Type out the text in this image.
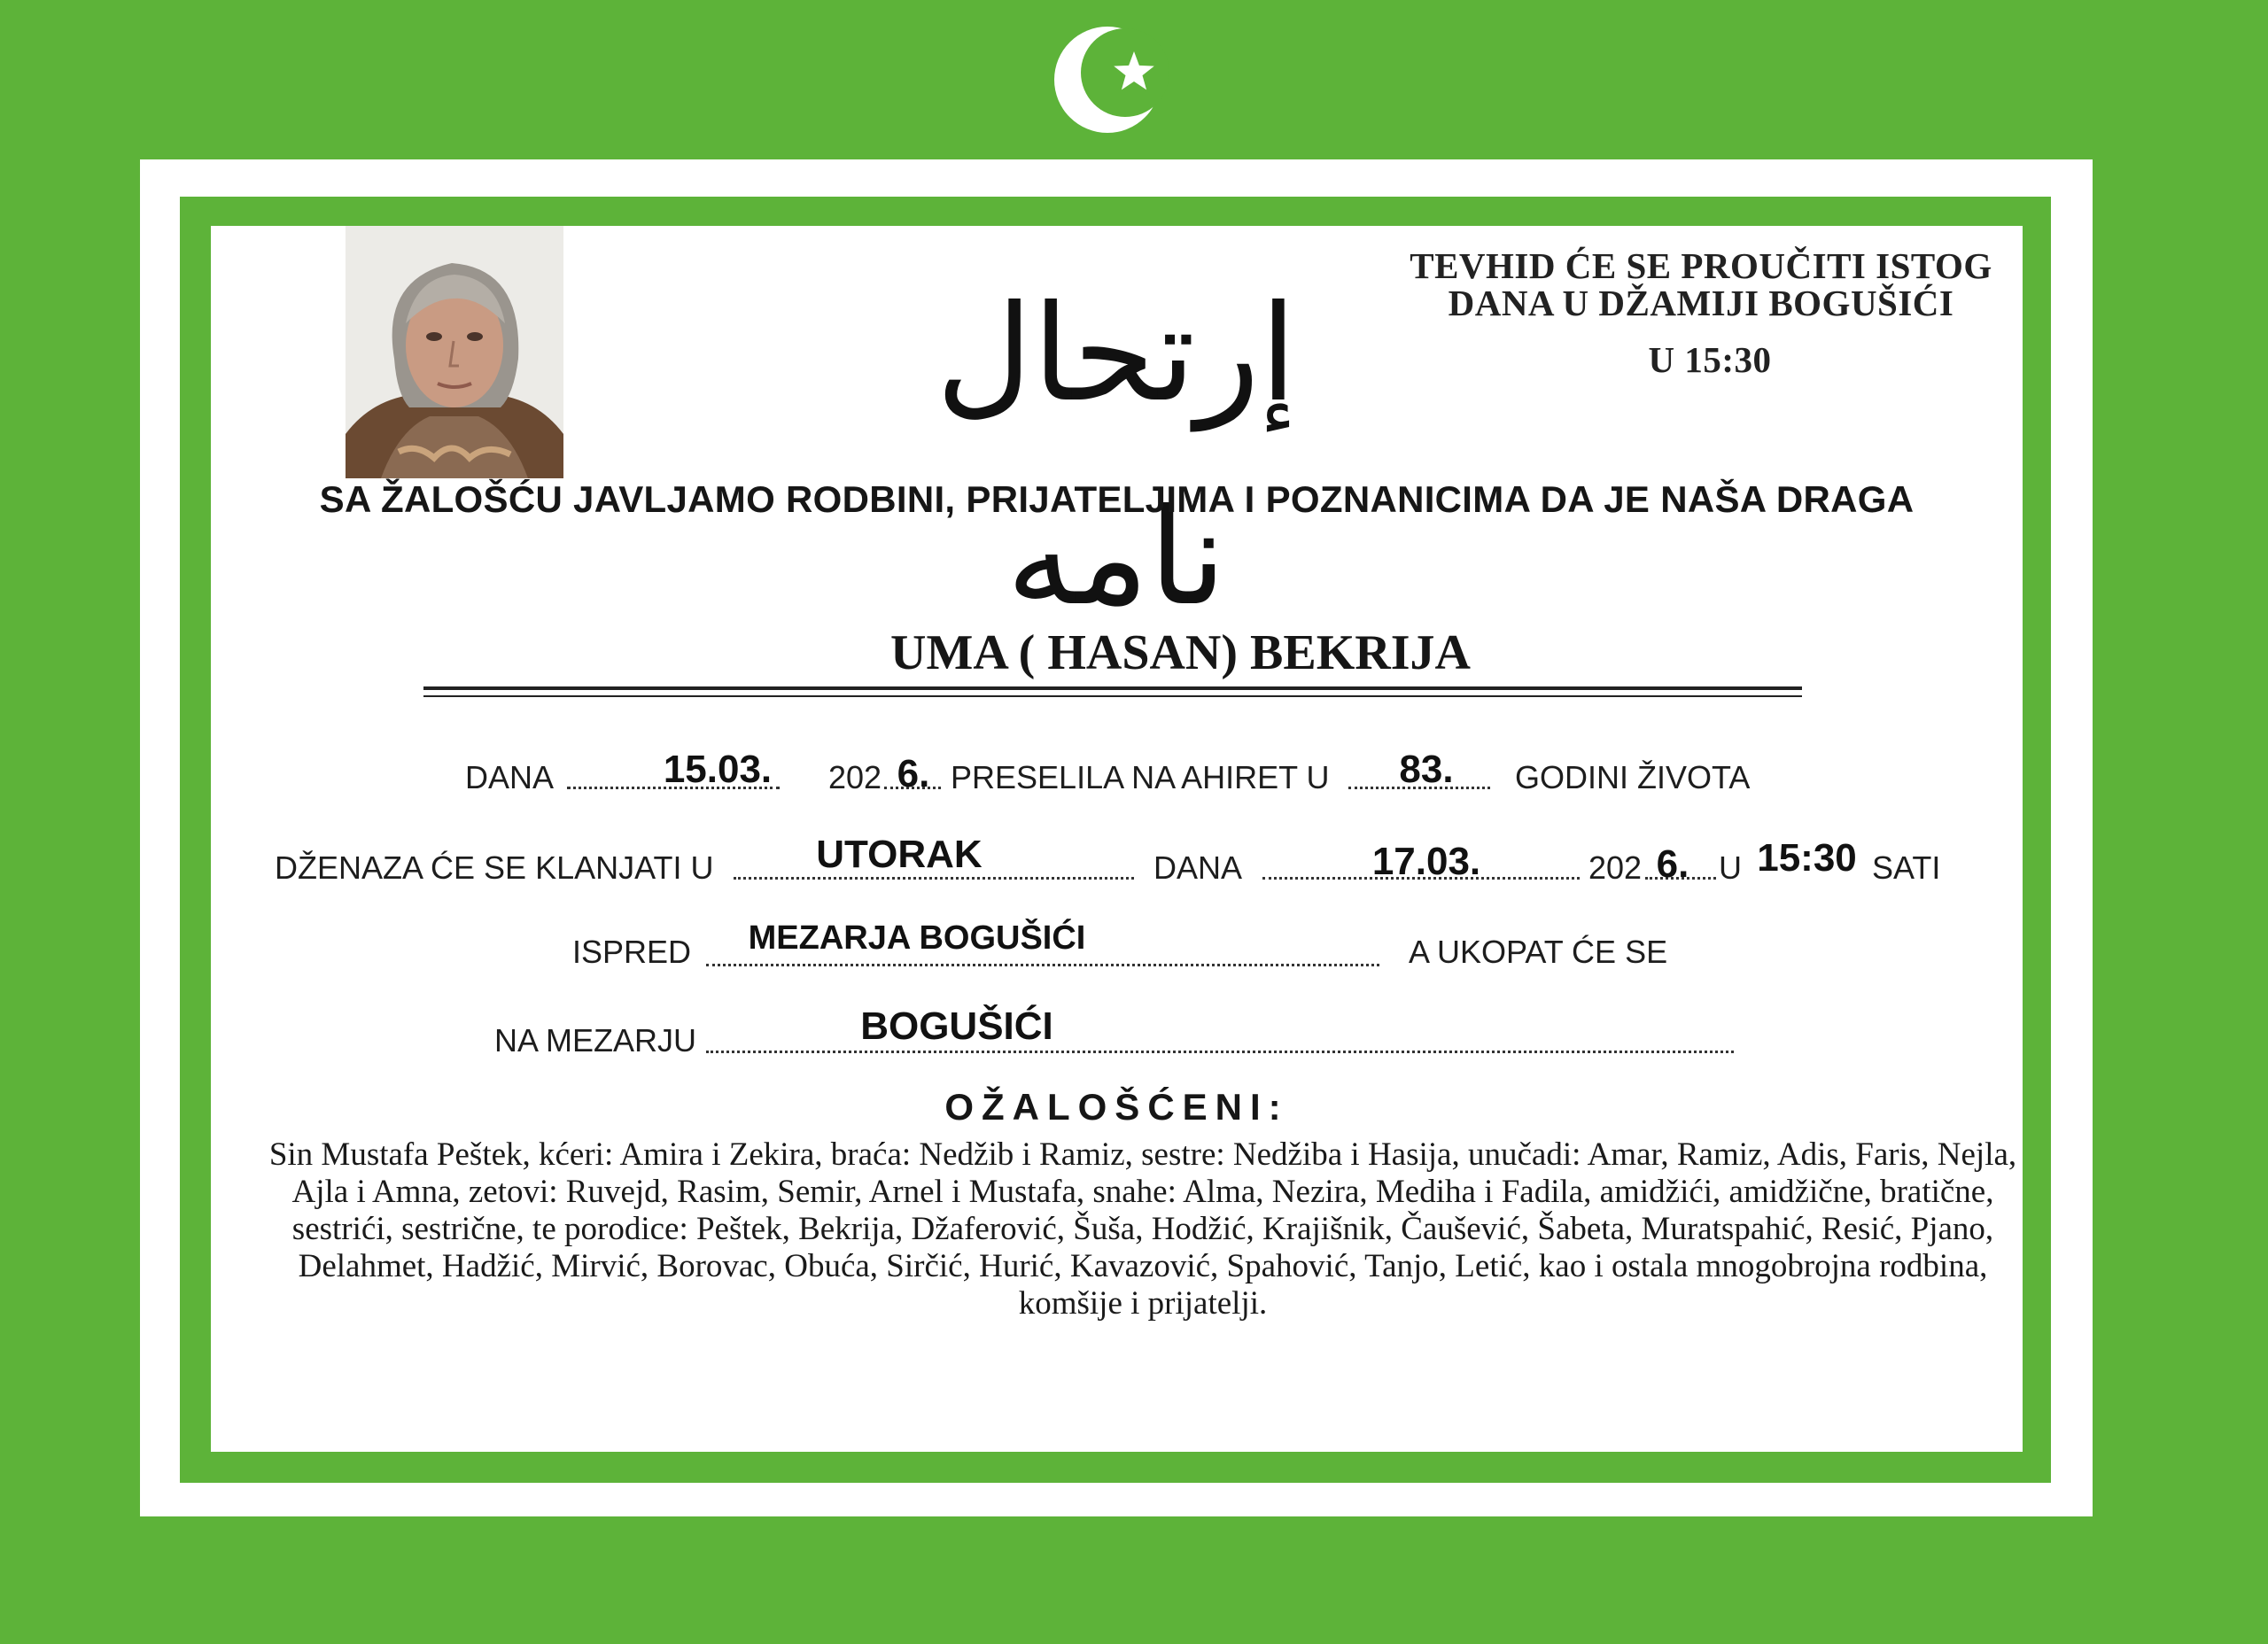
إرتحال نامه
TEVHID ĆE SE PROUČITI ISTOG
DANA U DŽAMIJI BOGUŠIĆI
U 15:30
SA ŽALOŠĆU JAVLJAMO RODBINI, PRIJATELJIMA I POZNANICIMA DA JE NAŠA DRAGA
UMA ( HASAN) BEKRIJA
DANA	15.03.	202 6. PRESELILA NA AHIRET U	83.	GODINI ŽIVOTA
DŽENAZA ĆE SE KLANJATI U	UTORAK	DANA	17.03.	202 6. U 15:30 SATI
ISPRED	MEZARJA BOGUŠIĆI	A UKOPAT ĆE SE
NA MEZARJU	BOGUŠIĆI
OŽALOŠĆENI:
Sin Mustafa Peštek, kćeri: Amira i Zekira, braća: Nedžib i Ramiz, sestre: Nedžiba i Hasija, unučadi: Amar, Ramiz, Adis, Faris, Nejla, Ajla i Amna, zetovi: Ruvejd, Rasim, Semir, Arnel i Mustafa, snahe: Alma, Nezira, Mediha i Fadila, amidžići, amidžične, bratične, sestrići, sestrične, te porodice: Peštek, Bekrija, Džaferović, Šuša, Hodžić, Krajišnik, Čaušević, Šabeta, Muratspahić, Resić, Pjano, Delahmet, Hadžić, Mirvić, Borovac, Obuća, Sirčić, Hurić, Kavazović, Spahović, Tanjo, Letić, kao i ostala mnogobrojna rodbina, komšije i prijatelji.
